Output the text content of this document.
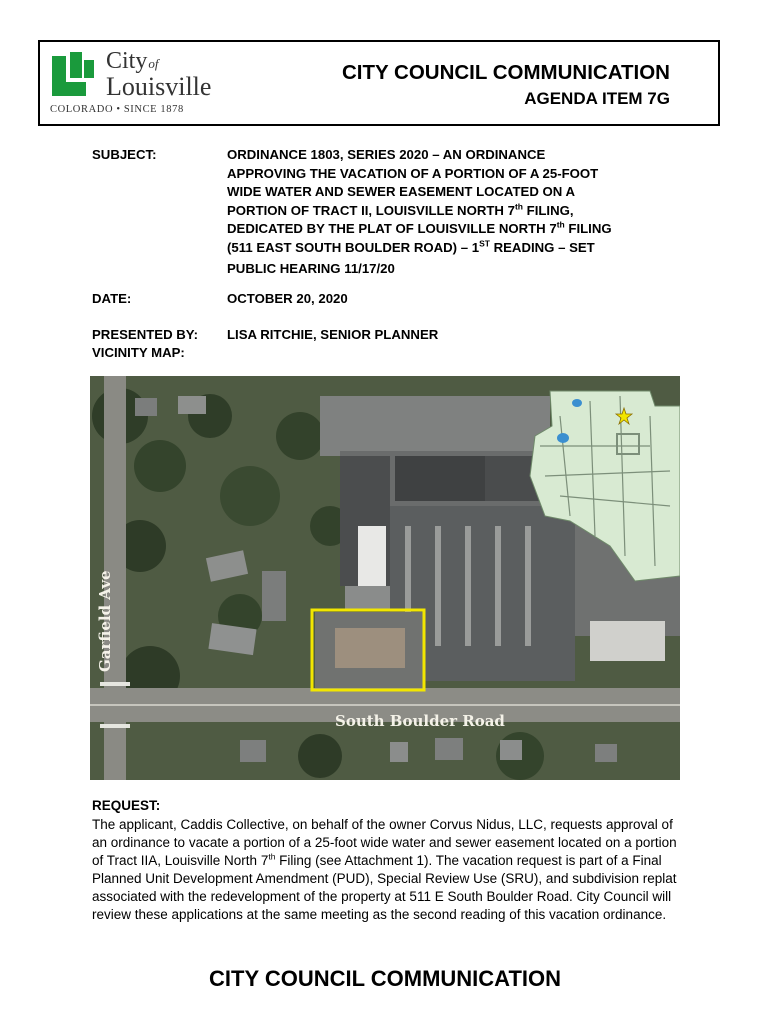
Cityof
Louisville
COLORADO • SINCE 1878
CITY COUNCIL COMMUNICATION
AGENDA ITEM 7G
SUBJECT:	ORDINANCE 1803, SERIES 2020 – AN ORDINANCE
APPROVING THE VACATION OF A PORTION OF A 25-FOOT
WIDE WATER AND SEWER EASEMENT LOCATED ON A
PORTION OF TRACT II, LOUISVILLE NORTH 7th FILING,
DEDICATED BY THE PLAT OF LOUISVILLE NORTH 7th FILING
(511 EAST SOUTH BOULDER ROAD) – 1ST READING – SET
PUBLIC HEARING 11/17/20
DATE:	OCTOBER 20, 2020
PRESENTED BY: LISA RITCHIE, SENIOR PLANNER
VICINITY MAP:
Garfield Ave
South Boulder Road
REQUEST:
The applicant, Caddis Collective, on behalf of the owner Corvus Nidus, LLC, requests approval of an ordinance to vacate a portion of a 25-foot wide water and sewer easement located on a portion of Tract IIA, Louisville North 7th Filing (see Attachment 1). The vacation request is part of a Final Planned Unit Development Amendment (PUD), Special Review Use (SRU), and subdivision replat associated with the redevelopment of the property at 511 E South Boulder Road. City Council will review these applications at the same meeting as the second reading of this vacation ordinance.
CITY COUNCIL COMMUNICATION
